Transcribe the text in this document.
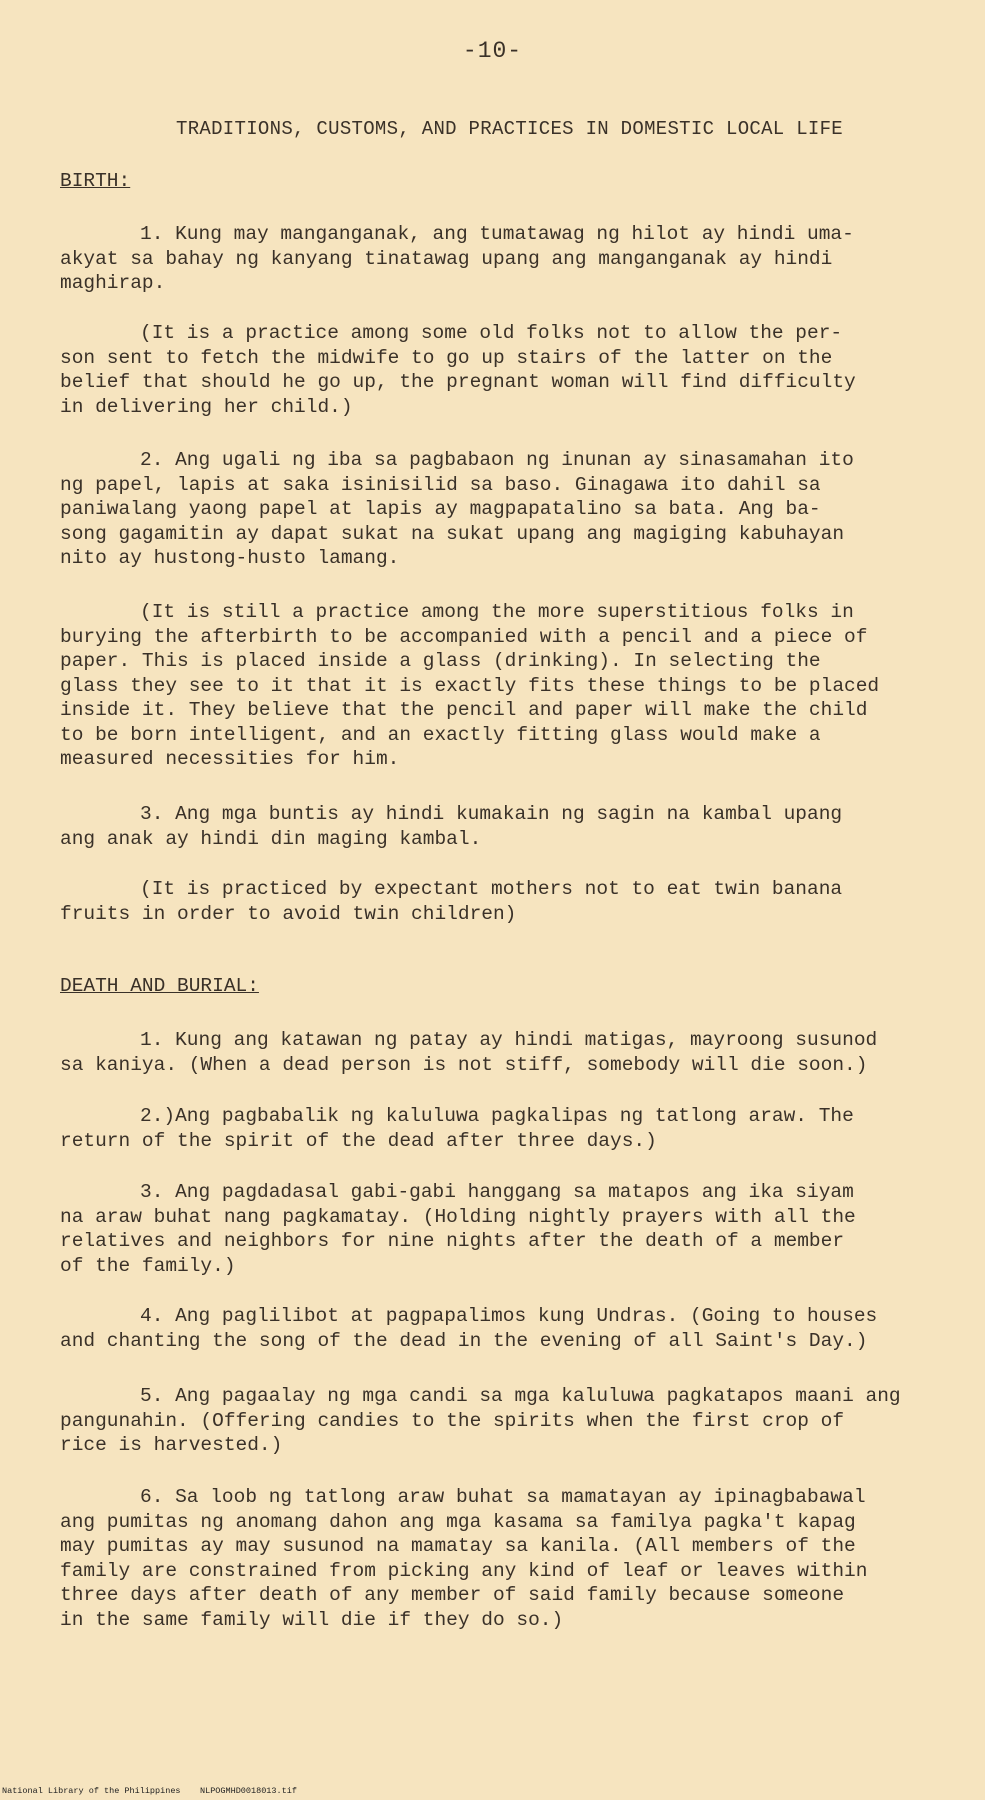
-10-
TRADITIONS, CUSTOMS, AND PRACTICES IN DOMESTIC LOCAL LIFE
BIRTH:
1. Kung may manganganak, ang tumatawag ng hilot ay hindi uma-
akyat sa bahay ng kanyang tinatawag upang ang manganganak ay hindi
maghirap.
(It is a practice among some old folks not to allow the per-
son sent to fetch the midwife to go up stairs of the latter on the
belief that should he go up, the pregnant woman will find difficulty
in delivering her child.)
2. Ang ugali ng iba sa pagbabaon ng inunan ay sinasamahan ito
ng papel, lapis at saka isinisilid sa baso. Ginagawa ito dahil sa
paniwalang yaong papel at lapis ay magpapatalino sa bata. Ang ba-
song gagamitin ay dapat sukat na sukat upang ang magiging kabuhayan
nito ay hustong-husto lamang.
(It is still a practice among the more superstitious folks in
burying the afterbirth to be accompanied with a pencil and a piece of
paper. This is placed inside a glass (drinking). In selecting the
glass they see to it that it is exactly fits these things to be placed
inside it. They believe that the pencil and paper will make the child
to be born intelligent, and an exactly fitting glass would make a
measured necessities for him.
3. Ang mga buntis ay hindi kumakain ng sagin na kambal upang
ang anak ay hindi din maging kambal.
(It is practiced by expectant mothers not to eat twin banana
fruits in order to avoid twin children)
DEATH AND BURIAL:
1. Kung ang katawan ng patay ay hindi matigas, mayroong susunod
sa kaniya. (When a dead person is not stiff, somebody will die soon.)
2.)Ang pagbabalik ng kaluluwa pagkalipas ng tatlong araw. The
return of the spirit of the dead after three days.)
3. Ang pagdadasal gabi-gabi hanggang sa matapos ang ika siyam
na araw buhat nang pagkamatay. (Holding nightly prayers with all the
relatives and neighbors for nine nights after the death of a member
of the family.)
4. Ang paglilibot at pagpapalimos kung Undras. (Going to houses
and chanting the song of the dead in the evening of all Saint's Day.)
5. Ang pagaalay ng mga candi sa mga kaluluwa pagkatapos maani ang
pangunahin. (Offering candies to the spirits when the first crop of
rice is harvested.)
6. Sa loob ng tatlong araw buhat sa mamatayan ay ipinagbabawal
ang pumitas ng anomang dahon ang mga kasama sa familya pagka't kapag
may pumitas ay may susunod na mamatay sa kanila. (All members of the
family are constrained from picking any kind of leaf or leaves within
three days after death of any member of said family because someone
in the same family will die if they do so.)
National Library of the Philippines NLPOGMHD0018013.tif
